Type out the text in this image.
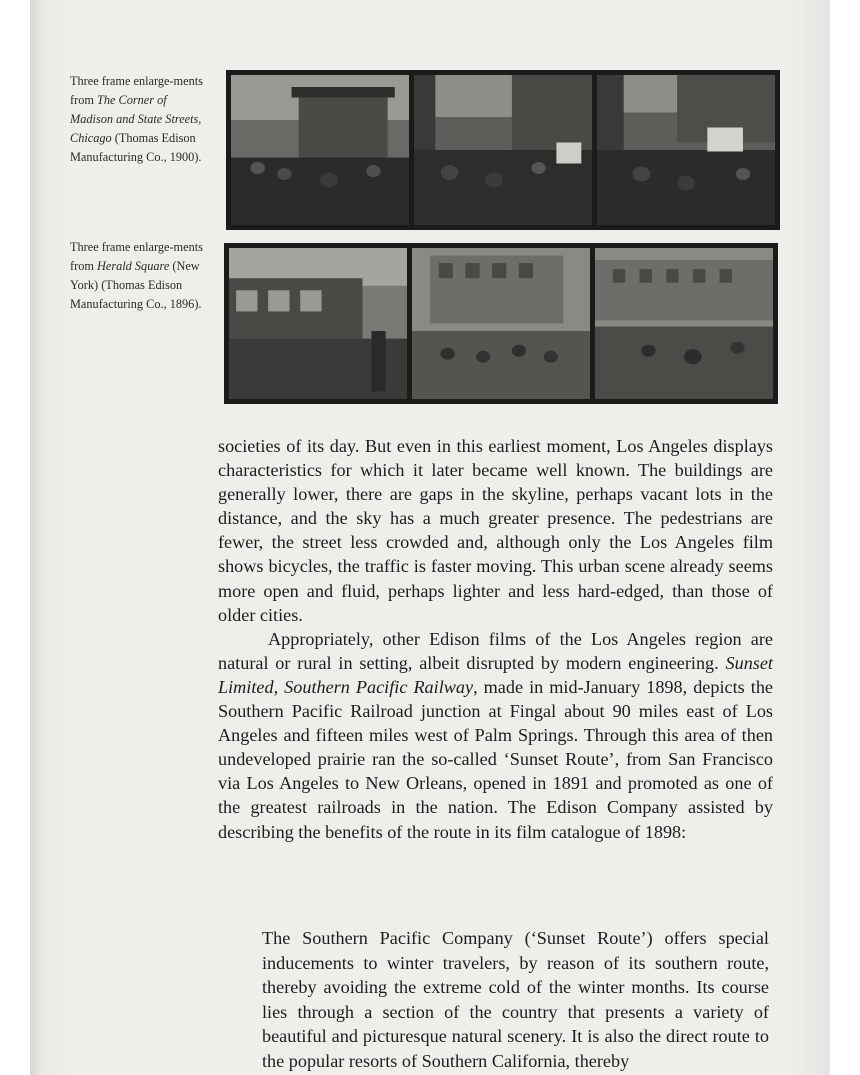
Three frame enlarge-ments from The Corner of Madison and State Streets, Chicago (Thomas Edison Manufacturing Co., 1900).
Three frame enlarge-ments from Herald Square (New York) (Thomas Edison Manufacturing Co., 1896).

societies of its day. But even in this earliest moment, Los Angeles displays characteristics for which it later became well known. The buildings are generally lower, there are gaps in the skyline, perhaps vacant lots in the distance, and the sky has a much greater presence. The pedestrians are fewer, the street less crowded and, although only the Los Angeles film shows bicycles, the traffic is faster moving. This urban scene already seems more open and fluid, perhaps lighter and less hard-edged, than those of older cities.

Appropriately, other Edison films of the Los Angeles region are natural or rural in setting, albeit disrupted by modern engineering. Sunset Limited, Southern Pacific Railway, made in mid-January 1898, depicts the Southern Pacific Railroad junction at Fingal about 90 miles east of Los Angeles and fifteen miles west of Palm Springs. Through this area of then undeveloped prairie ran the so-called ‘Sunset Route’, from San Francisco via Los Angeles to New Orleans, opened in 1891 and promoted as one of the greatest railroads in the nation. The Edison Company assisted by describing the benefits of the route in its film catalogue of 1898:

The Southern Pacific Company (‘Sunset Route’) offers special inducements to winter travelers, by reason of its southern route, thereby avoiding the extreme cold of the winter months. Its course lies through a section of the country that presents a variety of beautiful and picturesque natural scenery. It is also the direct route to the popular resorts of Southern California, thereby
